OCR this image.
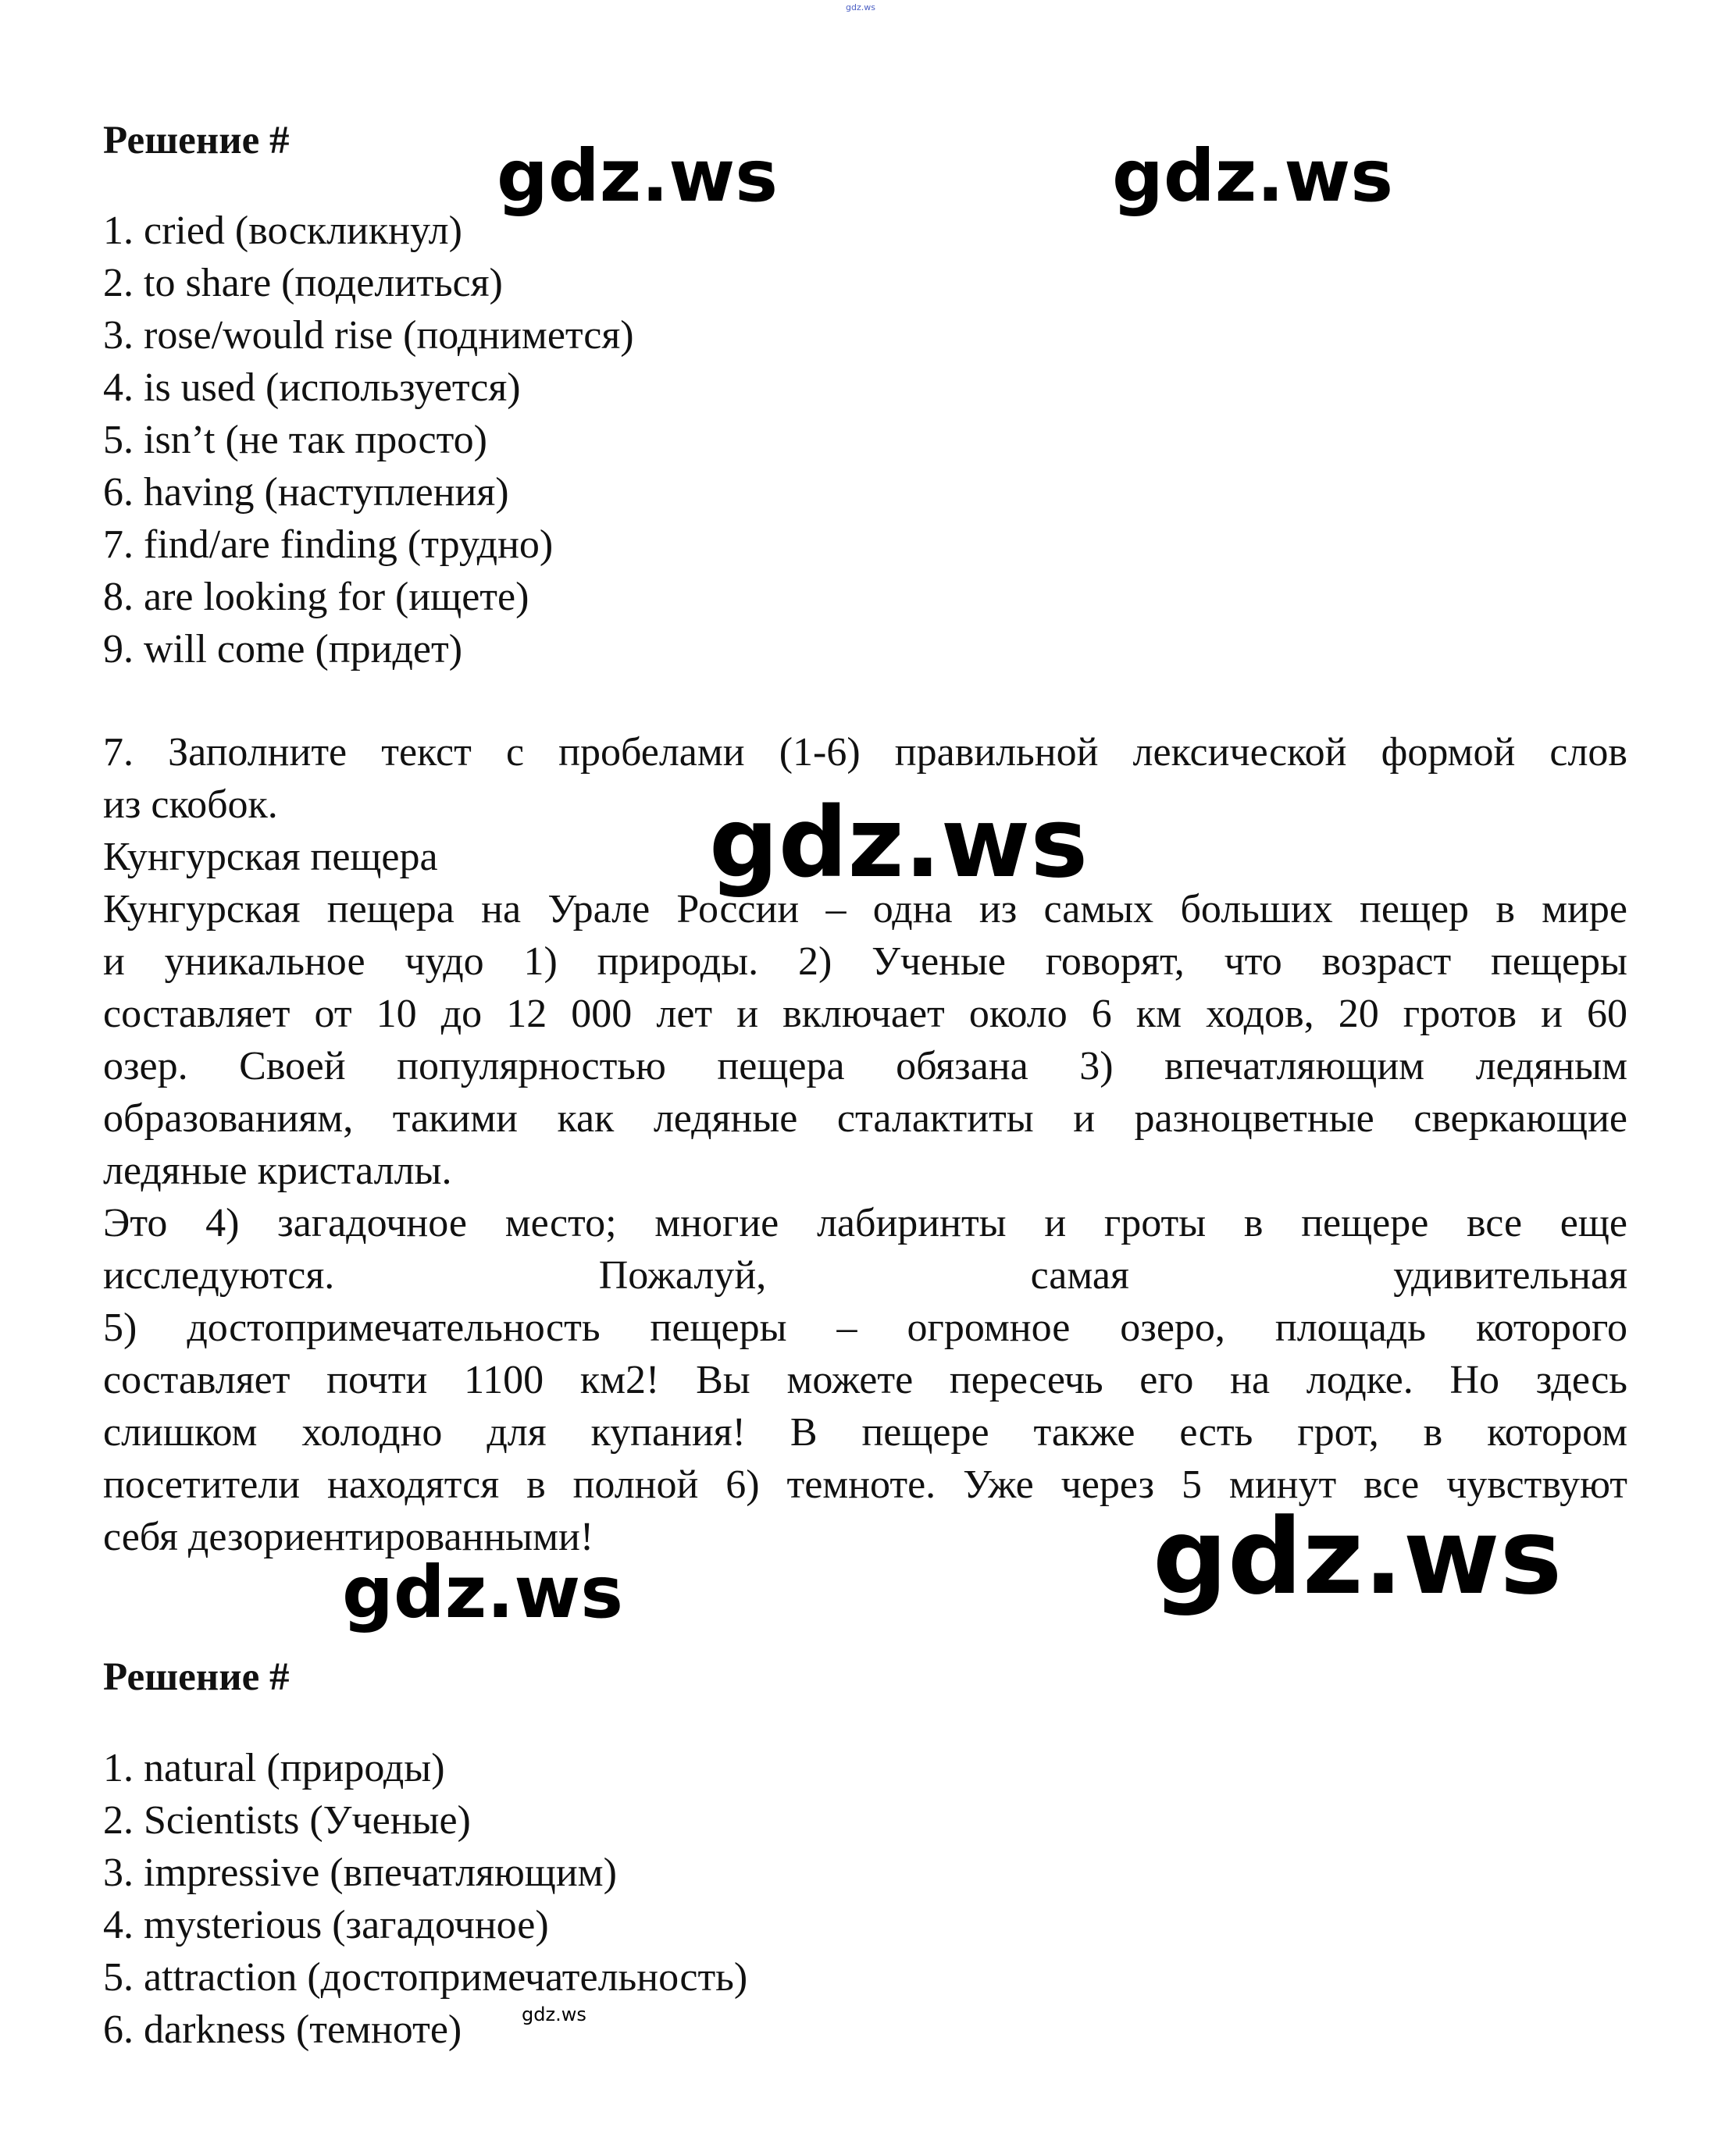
gdz.ws
gdz.ws	gdz.ws
gdz.ws
gdz.ws
gdz.ws
gdz.ws
Решение #
1. cried (воскликнул)
2. to share (поделиться)
3. rose/would rise (поднимется)
4. is used (используется)
5. isn’t (не так просто)
6. having (наступления)
7. find/are finding (трудно)
8. are looking for (ищете)
9. will come (придет)
7. Заполните текст с пробелами (1-6) правильной лексической формой слов
из скобок.
Кунгурская пещера
Кунгурская пещера на Урале России – одна из самых больших пещер в мире
и уникальное чудо 1) природы. 2) Ученые говорят, что возраст пещеры
составляет от 10 до 12 000 лет и включает около 6 км ходов, 20 гротов и 60
озер. Своей популярностью пещера обязана 3) впечатляющим ледяным
образованиям, такими как ледяные сталактиты и разноцветные сверкающие
ледяные кристаллы.
Это 4) загадочное место; многие лабиринты и гроты в пещере все еще
исследуются. Пожалуй, самая удивительная
5) достопримечательность пещеры – огромное озеро, площадь которого
составляет почти 1100 км2! Вы можете пересечь его на лодке. Но здесь
слишком холодно для купания! В пещере также есть грот, в котором
посетители находятся в полной 6) темноте. Уже через 5 минут все чувствуют
себя дезориентированными!
Решение #
1. natural (природы)
2. Scientists (Ученые)
3. impressive (впечатляющим)
4. mysterious (загадочное)
5. attraction (достопримечательность)
6. darkness (темноте)
